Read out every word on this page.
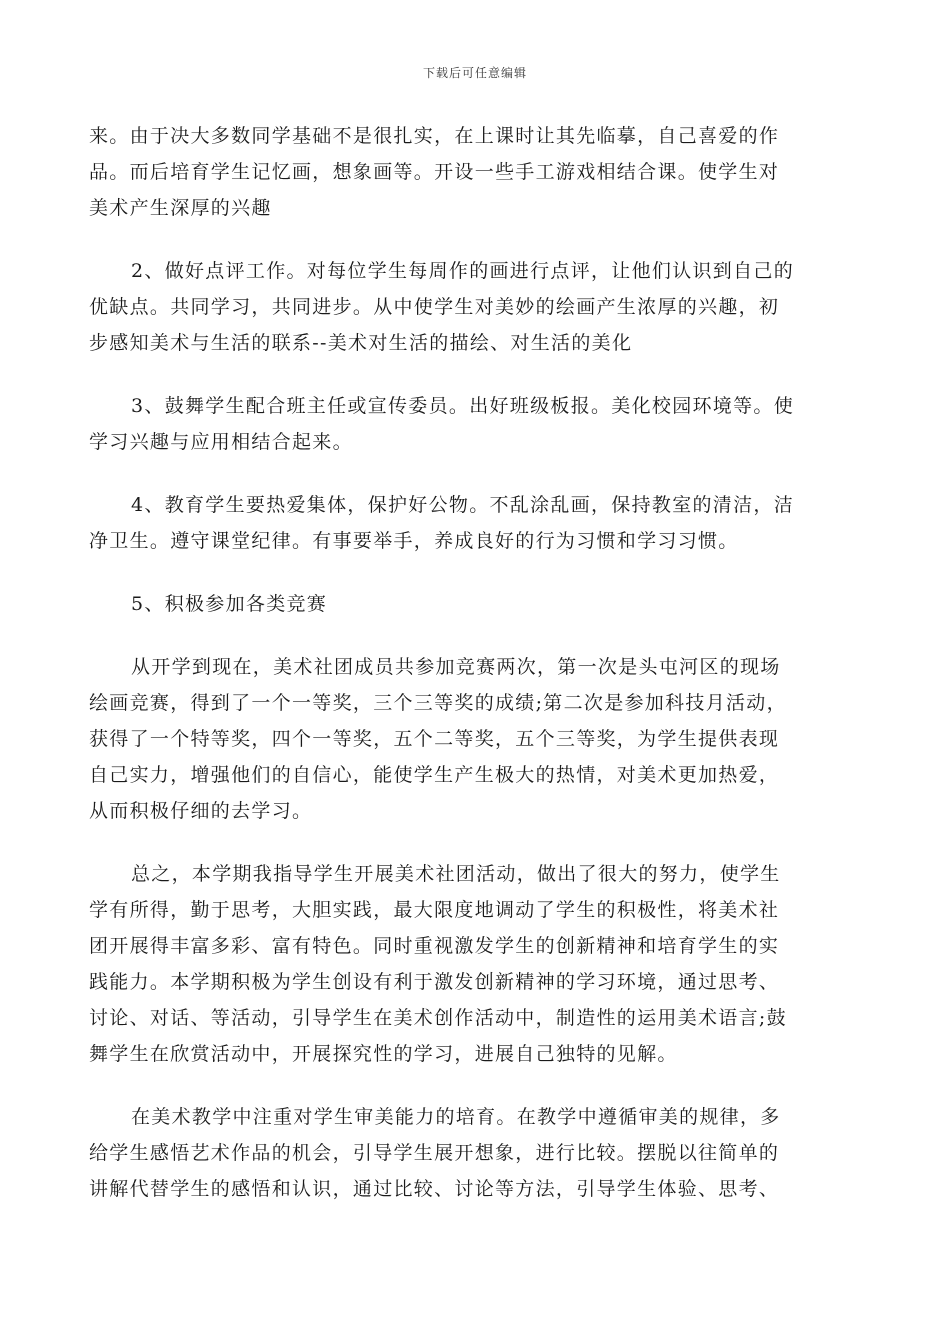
下载后可任意编辑

来。由于决大多数同学基础不是很扎实，在上课时让其先临摹，自己喜爱的作
品。而后培育学生记忆画，想象画等。开设一些手工游戏相结合课。使学生对
美术产生深厚的兴趣

2、做好点评工作。对每位学生每周作的画进行点评，让他们认识到自己的
优缺点。共同学习，共同进步。从中使学生对美妙的绘画产生浓厚的兴趣，初
步感知美术与生活的联系--美术对生活的描绘、对生活的美化

3、鼓舞学生配合班主任或宣传委员。出好班级板报。美化校园环境等。使
学习兴趣与应用相结合起来。

4、教育学生要热爱集体，保护好公物。不乱涂乱画，保持教室的清洁，洁
净卫生。遵守课堂纪律。有事要举手，养成良好的行为习惯和学习习惯。

5、积极参加各类竞赛

从开学到现在，美术社团成员共参加竞赛两次，第一次是头屯河区的现场
绘画竞赛，得到了一个一等奖，三个三等奖的成绩;第二次是参加科技月活动，
获得了一个特等奖，四个一等奖，五个二等奖，五个三等奖，为学生提供表现
自己实力，增强他们的自信心，能使学生产生极大的热情，对美术更加热爱，
从而积极仔细的去学习。

总之，本学期我指导学生开展美术社团活动，做出了很大的努力，使学生
学有所得，勤于思考，大胆实践，最大限度地调动了学生的积极性，将美术社
团开展得丰富多彩、富有特色。同时重视激发学生的创新精神和培育学生的实
践能力。本学期积极为学生创设有利于激发创新精神的学习环境，通过思考、
讨论、对话、等活动，引导学生在美术创作活动中，制造性的运用美术语言;鼓
舞学生在欣赏活动中，开展探究性的学习，进展自己独特的见解。

在美术教学中注重对学生审美能力的培育。在教学中遵循审美的规律，多
给学生感悟艺术作品的机会，引导学生展开想象，进行比较。摆脱以往简单的
讲解代替学生的感悟和认识，通过比较、讨论等方法，引导学生体验、思考、
